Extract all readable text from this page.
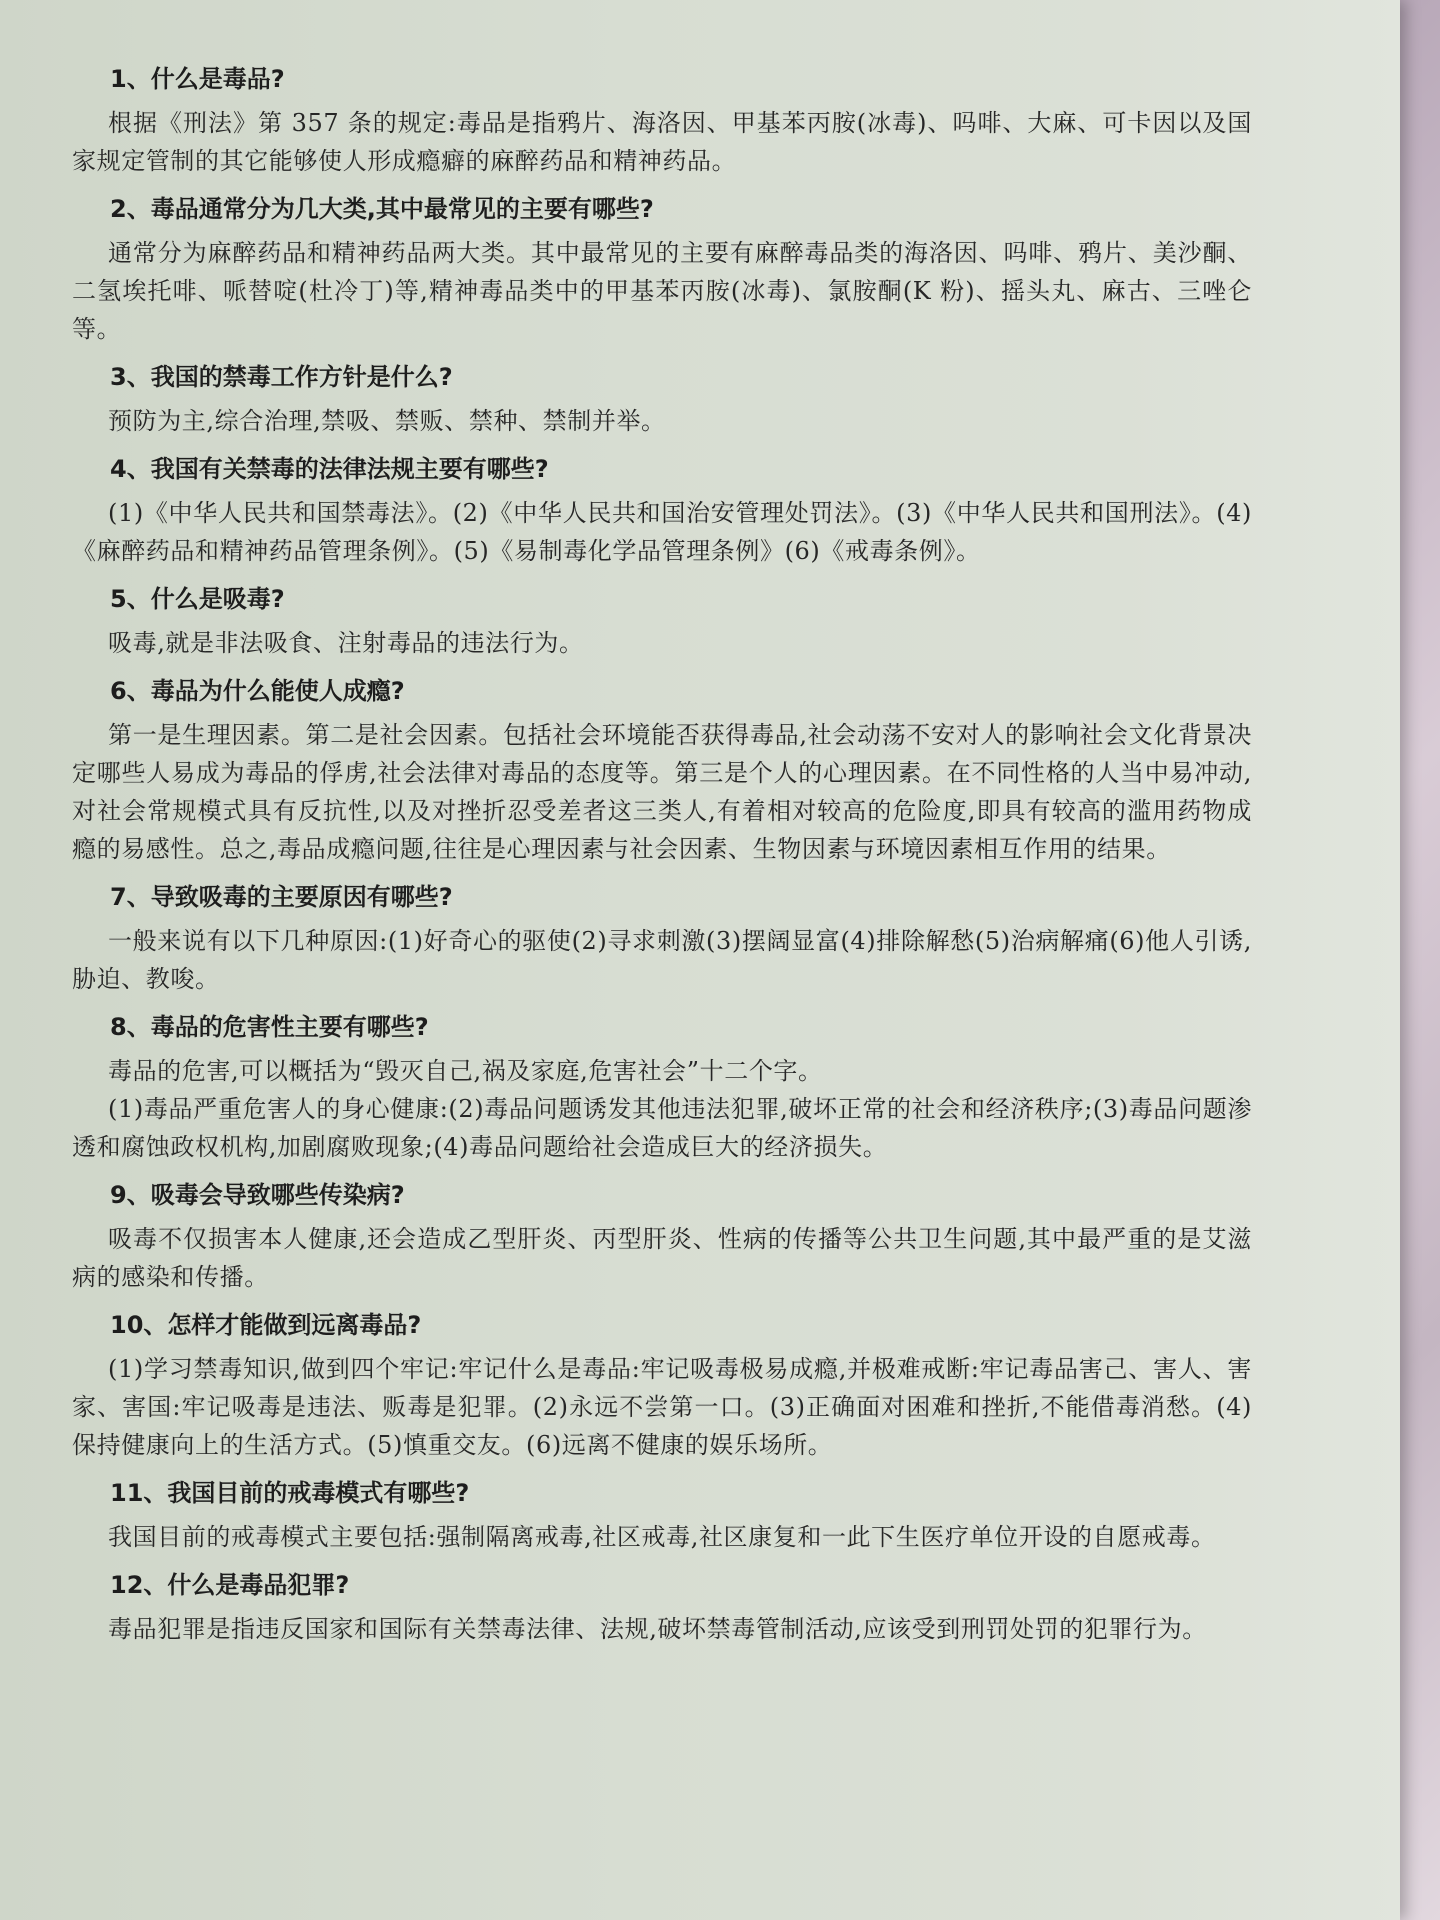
1、什么是毒品?

根据《刑法》第 357 条的规定:毒品是指鸦片、海洛因、甲基苯丙胺(冰毒)、吗啡、大麻、可卡因以及国家规定管制的其它能够使人形成瘾癖的麻醉药品和精神药品。

2、毒品通常分为几大类,其中最常见的主要有哪些?

通常分为麻醉药品和精神药品两大类。其中最常见的主要有麻醉毒品类的海洛因、吗啡、鸦片、美沙酮、二氢埃托啡、哌替啶(杜冷丁)等,精神毒品类中的甲基苯丙胺(冰毒)、氯胺酮(K 粉)、摇头丸、麻古、三唑仑等。

3、我国的禁毒工作方针是什么?

预防为主,综合治理,禁吸、禁贩、禁种、禁制并举。

4、我国有关禁毒的法律法规主要有哪些?

(1)《中华人民共和国禁毒法》。(2)《中华人民共和国治安管理处罚法》。(3)《中华人民共和国刑法》。(4)《麻醉药品和精神药品管理条例》。(5)《易制毒化学品管理条例》(6)《戒毒条例》。

5、什么是吸毒?

吸毒,就是非法吸食、注射毒品的违法行为。

6、毒品为什么能使人成瘾?

第一是生理因素。第二是社会因素。包括社会环境能否获得毒品,社会动荡不安对人的影响社会文化背景决定哪些人易成为毒品的俘虏,社会法律对毒品的态度等。第三是个人的心理因素。在不同性格的人当中易冲动,对社会常规模式具有反抗性,以及对挫折忍受差者这三类人,有着相对较高的危险度,即具有较高的滥用药物成瘾的易感性。总之,毒品成瘾问题,往往是心理因素与社会因素、生物因素与环境因素相互作用的结果。

7、导致吸毒的主要原因有哪些?

一般来说有以下几种原因:(1)好奇心的驱使(2)寻求刺激(3)摆阔显富(4)排除解愁(5)治病解痛(6)他人引诱,胁迫、教唆。

8、毒品的危害性主要有哪些?

毒品的危害,可以概括为“毁灭自己,祸及家庭,危害社会”十二个字。

(1)毒品严重危害人的身心健康:(2)毒品问题诱发其他违法犯罪,破坏正常的社会和经济秩序;(3)毒品问题渗透和腐蚀政权机构,加剧腐败现象;(4)毒品问题给社会造成巨大的经济损失。

9、吸毒会导致哪些传染病?

吸毒不仅损害本人健康,还会造成乙型肝炎、丙型肝炎、性病的传播等公共卫生问题,其中最严重的是艾滋病的感染和传播。

10、怎样才能做到远离毒品?

(1)学习禁毒知识,做到四个牢记:牢记什么是毒品:牢记吸毒极易成瘾,并极难戒断:牢记毒品害己、害人、害家、害国:牢记吸毒是违法、贩毒是犯罪。(2)永远不尝第一口。(3)正确面对困难和挫折,不能借毒消愁。(4)保持健康向上的生活方式。(5)慎重交友。(6)远离不健康的娱乐场所。

11、我国目前的戒毒模式有哪些?

我国目前的戒毒模式主要包括:强制隔离戒毒,社区戒毒,社区康复和一此下生医疗单位开设的自愿戒毒。

12、什么是毒品犯罪?

毒品犯罪是指违反国家和国际有关禁毒法律、法规,破坏禁毒管制活动,应该受到刑罚处罚的犯罪行为。
